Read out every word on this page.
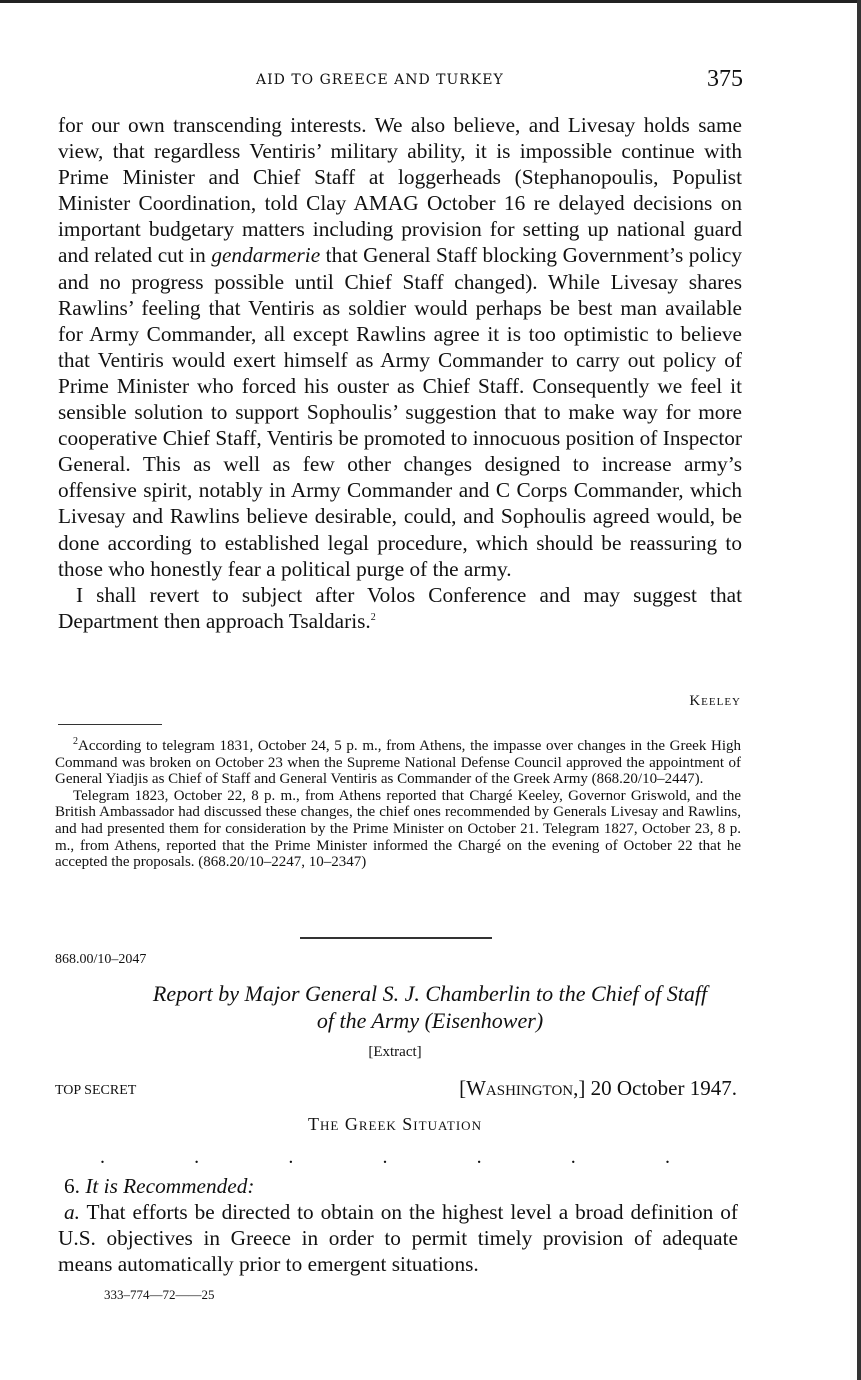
AID TO GREECE AND TURKEY	375

for our own transcending interests. We also believe, and Livesay holds same view, that regardless Ventiris’ military ability, it is impossible continue with Prime Minister and Chief Staff at loggerheads (Stephanopoulis, Populist Minister Coordination, told Clay AMAG October 16 re delayed decisions on important budgetary matters including provision for setting up national guard and related cut in gendarmerie that General Staff blocking Government’s policy and no progress possible until Chief Staff changed). While Livesay shares Rawlins’ feeling that Ventiris as soldier would perhaps be best man available for Army Commander, all except Rawlins agree it is too optimistic to believe that Ventiris would exert himself as Army Commander to carry out policy of Prime Minister who forced his ouster as Chief Staff. Consequently we feel it sensible solution to support Sophoulis’ suggestion that to make way for more cooperative Chief Staff, Ventiris be promoted to innocuous position of Inspector General. This as well as few other changes designed to increase army’s offensive spirit, notably in Army Commander and C Corps Commander, which Livesay and Rawlins believe desirable, could, and Sophoulis agreed would, be done according to established legal procedure, which should be reassuring to those who honestly fear a political purge of the army.

I shall revert to subject after Volos Conference and may suggest that Department then approach Tsaldaris.$^2$

Keeley

$^2$According to telegram 1831, October 24, 5 p. m., from Athens, the impasse over changes in the Greek High Command was broken on October 23 when the Supreme National Defense Council approved the appointment of General Yiadjis as Chief of Staff and General Ventiris as Commander of the Greek Army (868.20/10–2447).

Telegram 1823, October 22, 8 p. m., from Athens reported that Chargé Keeley, Governor Griswold, and the British Ambassador had discussed these changes, the chief ones recommended by Generals Livesay and Rawlins, and had presented them for consideration by the Prime Minister on October 21. Telegram 1827, October 23, 8 p. m., from Athens, reported that the Prime Minister informed the Chargé on the evening of October 22 that he accepted the proposals. (868.20/10–2247, 10–2347)

868.00/10–2047
Report by Major General S. J. Chamberlin to the Chief of Staff
of the Army (Eisenhower)
[Extract]
TOP SECRET	[Washington,] 20 October 1947.
The Greek Situation
.	.	.	.	.	.	.

6. It is Recommended:

a. That efforts be directed to obtain on the highest level a broad definition of U.S. objectives in Greece in order to permit timely provision of adequate means automatically prior to emergent situations.

333–774—72——25
